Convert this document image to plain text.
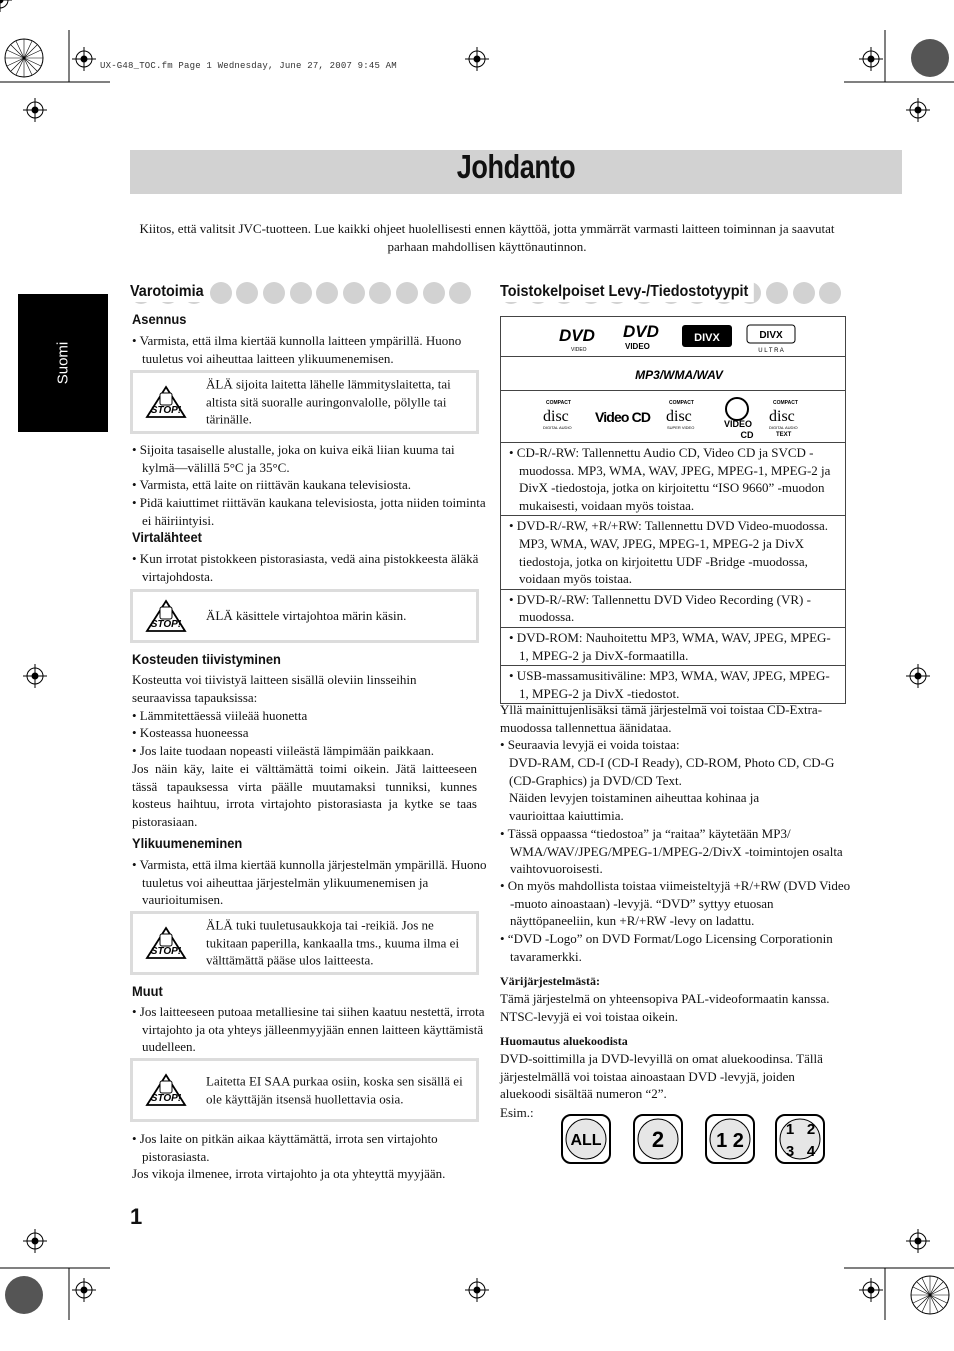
UX-G48_TOC.fm Page 1 Wednesday, June 27, 2007 9:45 AM
Johdanto
Kiitos, että valitsit JVC-tuotteen. Lue kaikki ohjeet huolellisesti ennen käyttöä, jotta ymmärrät varmasti laitteen toiminnan ja saavutat parhaan mahdollisen käyttönautinnon.
Suomi
Varotoimia
Asennus
• Varmista, että ilma kiertää kunnolla laitteen ympärillä. Huono tuuletus voi aiheuttaa laitteen ylikuumenemisen.
STOP!
ÄLÄ sijoita laitetta lähelle lämmityslaitetta, tai altista sitä suoralle auringonvalolle, pölylle tai tärinälle.
• Sijoita tasaiselle alustalle, joka on kuiva eikä liian kuuma tai kylmä—välillä 5°C ja 35°C.
• Varmista, että laite on riittävän kaukana televisiosta.
• Pidä kaiuttimet riittävän kaukana televisiosta, jotta niiden toiminta ei häiriintyisi.
Virtalähteet
• Kun irrotat pistokkeen pistorasiasta, vedä aina pistokkeesta äläkä virtajohdosta.
STOP!
ÄLÄ käsittele virtajohtoa märin käsin.
Kosteuden tiivistyminen
Kosteutta voi tiivistyä laitteen sisällä oleviin linsseihin seuraavissa tapauksissa:
• Lämmitettäessä viileää huonetta
• Kosteassa huoneessa
• Jos laite tuodaan nopeasti viileästä lämpimään paikkaan.
Jos näin käy, laite ei välttämättä toimi oikein. Jätä laitteeseen tässä tapauksessa virta päälle muutamaksi tunniksi, kunnes kosteus haihtuu, irrota virtajohto pistorasiasta ja kytke se taas pistorasiaan.
Ylikuumeneminen
• Varmista, että ilma kiertää kunnolla järjestelmän ympärillä. Huono tuuletus voi aiheuttaa järjestelmän ylikuumenemisen ja vaurioitumisen.
STOP!
ÄLÄ tuki tuuletusaukkoja tai -reikiä. Jos ne tukitaan paperilla, kankaalla tms., kuuma ilma ei välttämättä pääse ulos laitteesta.
Muut
• Jos laitteeseen putoaa metalliesine tai siihen kaatuu nestettä, irrota virtajohto ja ota yhteys jälleenmyyjään ennen laitteen käyttämistä uudelleen.
STOP!
Laitetta EI SAA purkaa osiin, koska sen sisällä ei ole käyttäjän itsensä huollettavia osia.
• Jos laite on pitkän aikaa käyttämättä, irrota sen virtajohto pistorasiasta.
Jos vikoja ilmenee, irrota virtajohto ja ota yhteyttä myyjään.
Toistokelpoiset Levy-/Tiedostotyypit
DVD
VIDEO
DVD
VIDEO
DIVX	DIVX
U L T R A
MP3/WMA/WAV
COMPACT
disc
DIGITAL AUDIO
Video CD
COMPACT
disc
SUPER VIDEO	VIDEO
CD
COMPACT
disc
DIGITAL AUDIO
TEXT
• CD-R/-RW: Tallennettu Audio CD, Video CD ja SVCD -muodossa. MP3, WMA, WAV, JPEG, MPEG-1, MPEG-2 ja DivX -tiedostoja, jotka on kirjoitettu “ISO 9660” -muodon mukaisesti, voidaan myös toistaa.
• DVD-R/-RW, +R/+RW: Tallennettu DVD Video-muodossa. MP3, WMA, WAV, JPEG, MPEG-1, MPEG-2 ja DivX tiedostoja, jotka on kirjoitettu UDF -Bridge -muodossa, voidaan myös toistaa.
• DVD-R/-RW: Tallennettu DVD Video Recording (VR) -muodossa.
• DVD-ROM: Nauhoitettu MP3, WMA, WAV, JPEG, MPEG-1, MPEG-2 ja DivX-formaatilla.
• USB-massamusitiväline: MP3, WMA, WAV, JPEG, MPEG-1, MPEG-2 ja DivX -tiedostot.
Yllä mainittujenlisäksi tämä järjestelmä voi toistaa CD-Extra-muodossa tallennettua äänidataa.
• Seuraavia levyjä ei voida toistaa:
DVD-RAM, CD-I (CD-I Ready), CD-ROM, Photo CD, CD-G (CD-Graphics) ja DVD/CD Text.
Näiden levyjen toistaminen aiheuttaa kohinaa ja vaurioittaa kaiuttimia.
• Tässä oppaassa “tiedostoa” ja “raitaa” käytetään MP3/ WMA/WAV/JPEG/MPEG-1/MPEG-2/DivX -toimintojen osalta vaihtovuoroisesti.
• On myös mahdollista toistaa viimeisteltyjä +R/+RW (DVD Video -muoto ainoastaan) -levyjä. “DVD” syttyy etuosan näyttöpaneeliin, kun +R/+RW -levy on ladattu.
• “DVD -Logo” on DVD Format/Logo Licensing Corporationin tavaramerkki.
Värijärjestelmästä:
Tämä järjestelmä on yhteensopiva PAL-videoformaatin kanssa. NTSC-levyjä ei voi toistaa oikein.
Huomautus aluekoodista
DVD-soittimilla ja DVD-levyillä on omat aluekoodinsa. Tällä järjestelmällä voi toistaa ainoastaan DVD -levyjä, joiden aluekoodi sisältää numeron “2”.
Esim.:
ALL 2	1 2
1 2
3 4
1
